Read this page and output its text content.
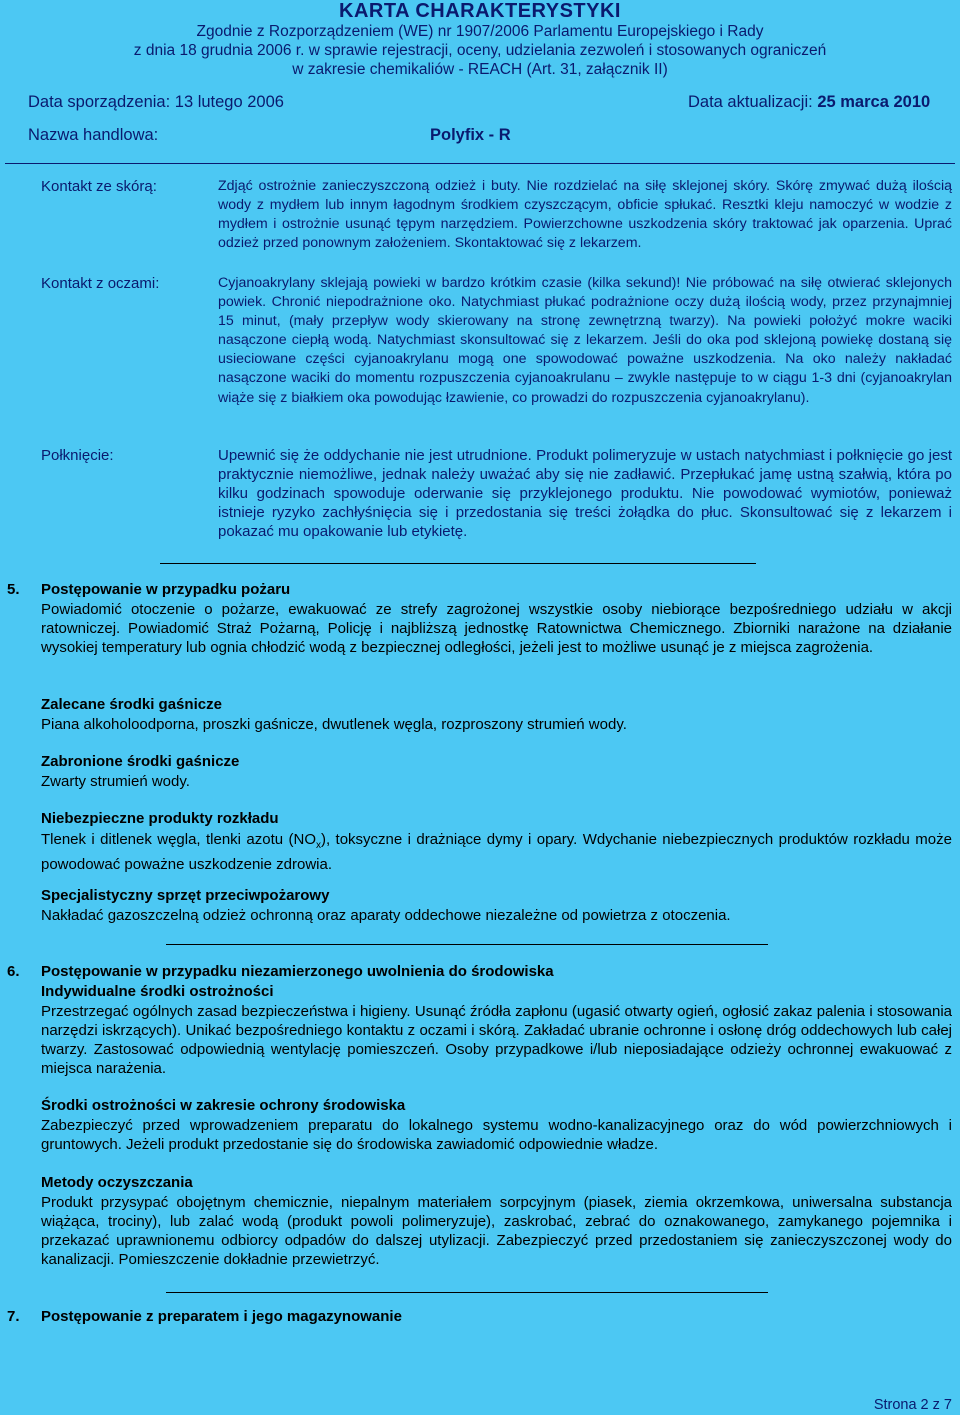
KARTA CHARAKTERYSTYKI
Zgodnie z Rozporządzeniem (WE) nr 1907/2006 Parlamentu Europejskiego i Rady
z dnia 18 grudnia 2006 r. w sprawie rejestracji, oceny, udzielania zezwoleń i stosowanych ograniczeń
w zakresie chemikaliów - REACH (Art. 31, załącznik II)
Data sporządzenia: 13 lutego 2006	Data aktualizacji: 25 marca 2010
Nazwa handlowa:	Polyfix - R
Kontakt ze skórą:	Zdjąć ostrożnie zanieczyszczoną odzież i buty. Nie rozdzielać na siłę sklejonej skóry. Skórę zmywać dużą ilością wody z mydłem lub innym łagodnym środkiem czyszczącym, obficie spłukać. Resztki kleju namoczyć w wodzie z mydłem i ostrożnie usunąć tępym narzędziem. Powierzchowne uszkodzenia skóry traktować jak oparzenia. Uprać odzież przed ponownym założeniem. Skontaktować się z lekarzem.

Kontakt z oczami:	Cyjanoakrylany sklejają powieki w bardzo krótkim czasie (kilka sekund)! Nie próbować na siłę otwierać sklejonych powiek. Chronić niepodrażnione oko. Natychmiast płukać podrażnione oczy dużą ilością wody, przez przynajmniej 15 minut, (mały przepływ wody skierowany na stronę zewnętrzną twarzy). Na powieki położyć mokre waciki nasączone ciepłą wodą. Natychmiast skonsultować się z lekarzem. Jeśli do oka pod sklejoną powiekę dostaną się usieciowane części cyjanoakrylanu mogą one spowodować poważne uszkodzenia. Na oko należy nakładać nasączone waciki do momentu rozpuszczenia cyjanoakrulanu – zwykle następuje to w ciągu 1-3 dni (cyjanoakrylan wiąże się z białkiem oka powodując łzawienie, co prowadzi do rozpuszczenia cyjanoakrylanu).

Połknięcie:	Upewnić się że oddychanie nie jest utrudnione. Produkt polimeryzuje w ustach natychmiast i połknięcie go jest praktycznie niemożliwe, jednak należy uważać aby się nie zadławić. Przepłukać jamę ustną szałwią, która po kilku godzinach spowoduje oderwanie się przyklejonego produktu. Nie powodować wymiotów, ponieważ istnieje ryzyko zachłyśnięcia się i przedostania się treści żołądka do płuc. Skonsultować się z lekarzem i pokazać mu opakowanie lub etykietę.

5. Postępowanie w przypadku pożaru

Powiadomić otoczenie o pożarze, ewakuować ze strefy zagrożonej wszystkie osoby niebiorące bezpośredniego udziału w akcji ratowniczej. Powiadomić Straż Pożarną, Policję i najbliższą jednostkę Ratownictwa Chemicznego. Zbiorniki narażone na działanie wysokiej temperatury lub ognia chłodzić wodą z bezpiecznej odległości, jeżeli jest to możliwe usunąć je z miejsca zagrożenia.

Zalecane środki gaśnicze
Piana alkoholoodporna, proszki gaśnicze, dwutlenek węgla, rozproszony strumień wody.
Zabronione środki gaśnicze
Zwarty strumień wody.
Niebezpieczne produkty rozkładu

Tlenek i ditlenek węgla, tlenki azotu $(NO_x)$, toksyczne i drażniące dymy i opary. Wdychanie niebezpiecznych produktów rozkładu może powodować poważne uszkodzenie zdrowia.

Specjalistyczny sprzęt przeciwpożarowy
Nakładać gazoszczelną odzież ochronną oraz aparaty oddechowe niezależne od powietrza z otoczenia.
6. Postępowanie w przypadku niezamierzonego uwolnienia do środowiska
Indywidualne środki ostrożności

Przestrzegać ogólnych zasad bezpieczeństwa i higieny. Usunąć źródła zapłonu (ugasić otwarty ogień, ogłosić zakaz palenia i stosowania narzędzi iskrzących). Unikać bezpośredniego kontaktu z oczami i skórą. Zakładać ubranie ochronne i osłonę dróg oddechowych lub całej twarzy. Zastosować odpowiednią wentylację pomieszczeń. Osoby przypadkowe i/lub nieposiadające odzieży ochronnej ewakuować z miejsca narażenia.

Środki ostrożności w zakresie ochrony środowiska

Zabezpieczyć przed wprowadzeniem preparatu do lokalnego systemu wodno-kanalizacyjnego oraz do wód powierzchniowych i gruntowych. Jeżeli produkt przedostanie się do środowiska zawiadomić odpowiednie władze.

Metody oczyszczania

Produkt przysypać obojętnym chemicznie, niepalnym materiałem sorpcyjnym (piasek, ziemia okrzemkowa, uniwersalna substancja wiążąca, trociny), lub zalać wodą (produkt powoli polimeryzuje), zaskrobać, zebrać do oznakowanego, zamykanego pojemnika i przekazać uprawnionemu odbiorcy odpadów do dalszej utylizacji. Zabezpieczyć przed przedostaniem się zanieczyszczonej wody do kanalizacji. Pomieszczenie dokładnie przewietrzyć.

7. Postępowanie z preparatem i jego magazynowanie
Strona 2 z 7
